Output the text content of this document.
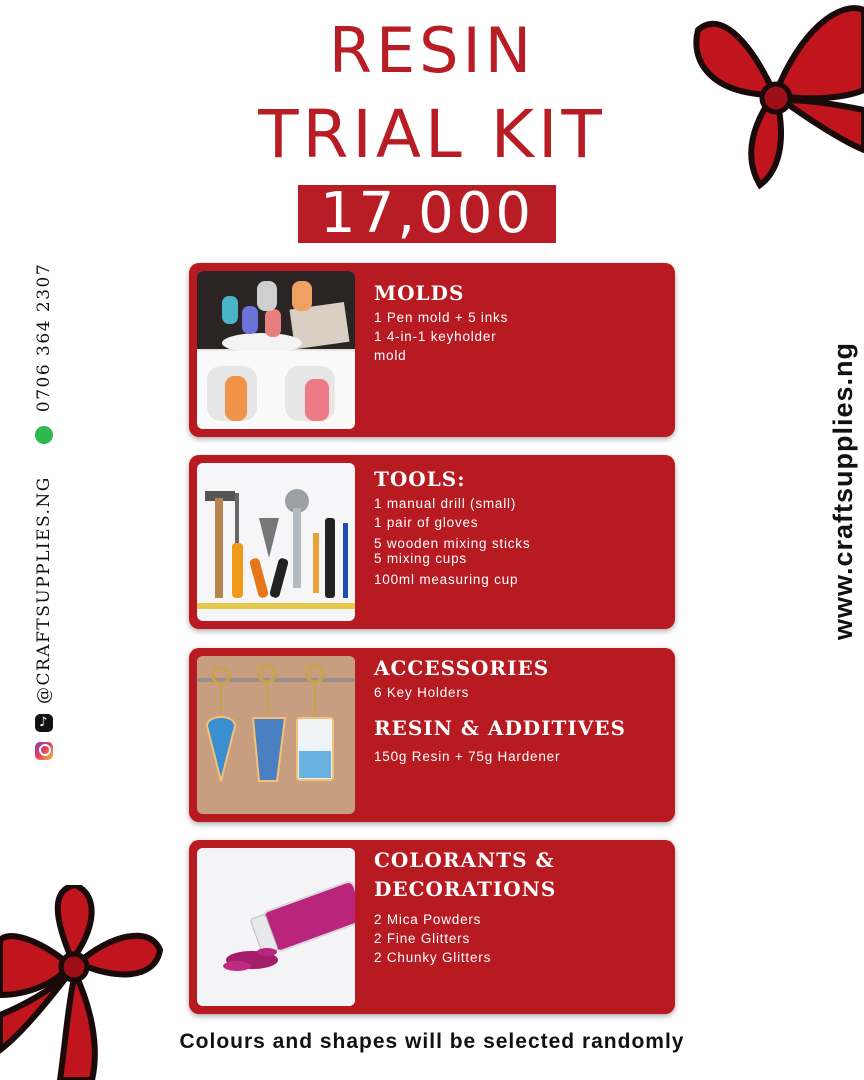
RESIN
TRIAL KIT
17,000
MOLDS
1 Pen mold + 5 inks
1 4-in-1 keyholder
mold
TOOLS:
1 manual drill (small)
1 pair of gloves
5 wooden mixing sticks
5 mixing cups
100ml measuring cup
ACCESSORIES
6 Key Holders
RESIN & ADDITIVES
150g Resin + 75g Hardener
COLORANTS &
DECORATIONS
2 Mica Powders
2 Fine Glitters
2 Chunky Glitters
Colours and shapes will be selected randomly
♪
@CRAFTSUPPLIES.NG
0706 364 2307
www.craftsupplies.ng
